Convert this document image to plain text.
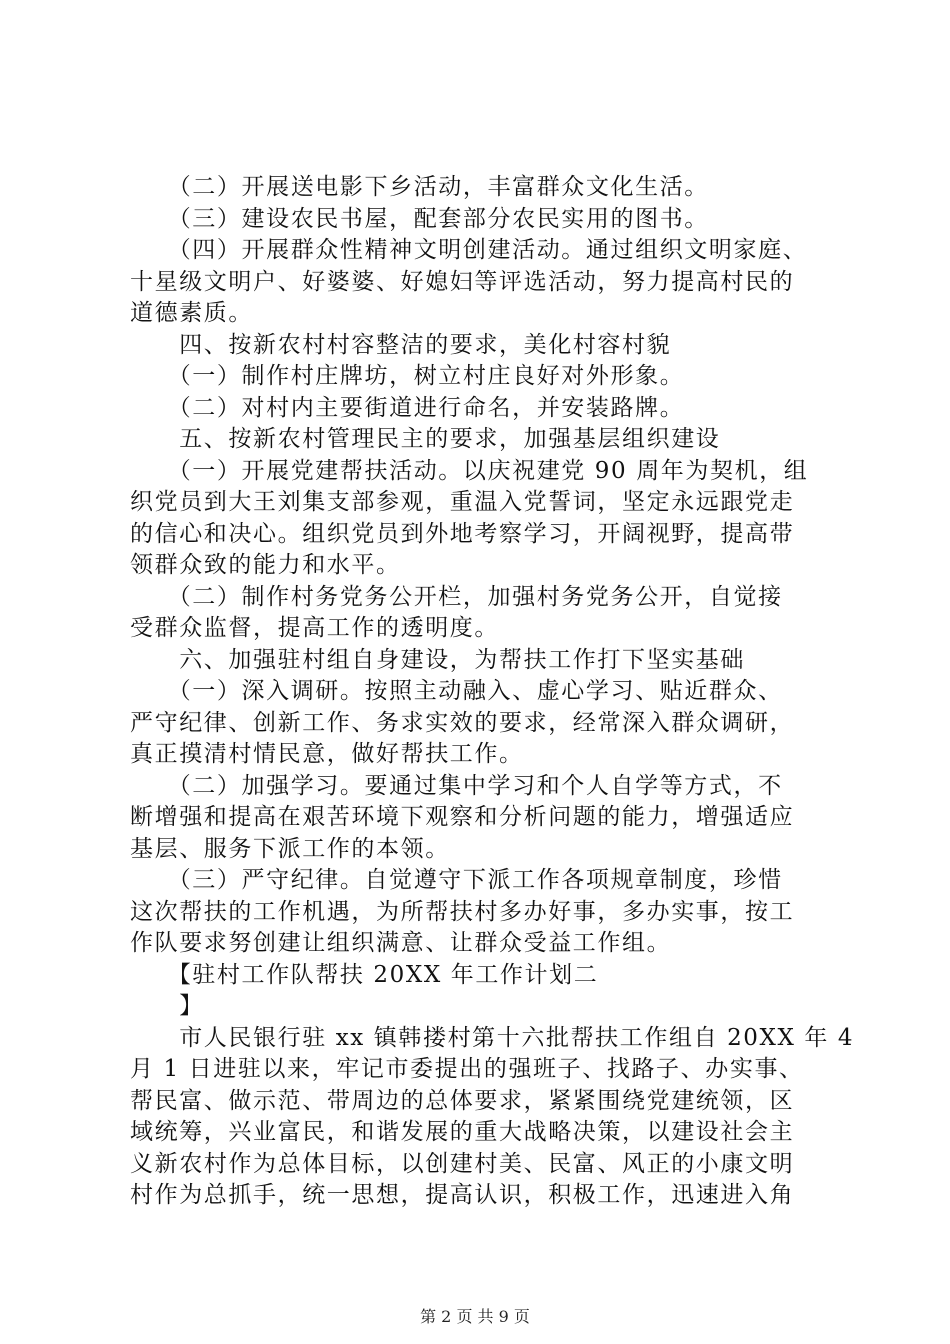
　　（二）开展送电影下乡活动，丰富群众文化生活。
　　（三）建设农民书屋，配套部分农民实用的图书。
　　（四）开展群众性精神文明创建活动。通过组织文明家庭、
十星级文明户、好婆婆、好媳妇等评选活动，努力提高村民的
道德素质。
　　四、按新农村村容整洁的要求，美化村容村貌
　　（一）制作村庄牌坊，树立村庄良好对外形象。
　　（二）对村内主要街道进行命名，并安装路牌。
　　五、按新农村管理民主的要求，加强基层组织建设
　　（一）开展党建帮扶活动。以庆祝建党 90 周年为契机，组
织党员到大王刘集支部参观，重温入党誓词，坚定永远跟党走
的信心和决心。组织党员到外地考察学习，开阔视野，提高带
领群众致的能力和水平。
　　（二）制作村务党务公开栏，加强村务党务公开，自觉接
受群众监督，提高工作的透明度。
　　六、加强驻村组自身建设，为帮扶工作打下坚实基础
　　（一）深入调研。按照主动融入、虚心学习、贴近群众、
严守纪律、创新工作、务求实效的要求，经常深入群众调研，
真正摸清村情民意，做好帮扶工作。
　　（二）加强学习。要通过集中学习和个人自学等方式，不
断增强和提高在艰苦环境下观察和分析问题的能力，增强适应
基层、服务下派工作的本领。
　　（三）严守纪律。自觉遵守下派工作各项规章制度，珍惜
这次帮扶的工作机遇，为所帮扶村多办好事，多办实事，按工
作队要求努创建让组织满意、让群众受益工作组。
　　【驻村工作队帮扶 20XX 年工作计划二
　　】
　　市人民银行驻 xx 镇韩搂村第十六批帮扶工作组自 20XX 年 4
月 1 日进驻以来，牢记市委提出的强班子、找路子、办实事、
帮民富、做示范、带周边的总体要求，紧紧围绕党建统领，区
域统筹，兴业富民，和谐发展的重大战略决策，以建设社会主
义新农村作为总体目标，以创建村美、民富、风正的小康文明
村作为总抓手，统一思想，提高认识，积极工作，迅速进入角
第 2 页 共 9 页
